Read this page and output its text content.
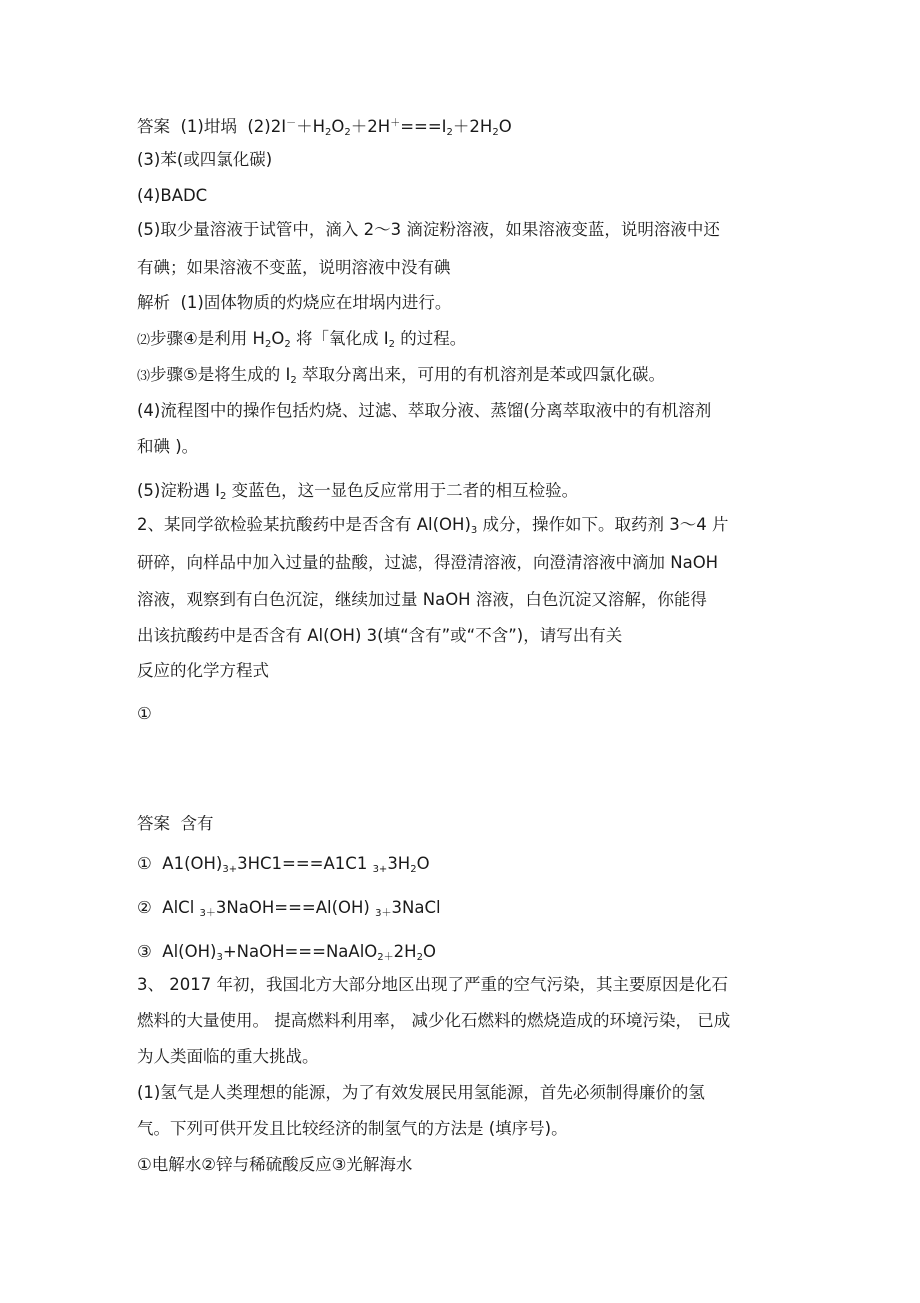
答案 (1)坩埚 $(2)2I^-+H_2O_2+2H^+===I_2+2H_2O$
(3)苯(或四氯化碳)
(4)BADC
(5)取少量溶液于试管中，滴入 2～3 滴淀粉溶液，如果溶液变蓝，说明溶液中还
有碘；如果溶液不变蓝，说明溶液中没有碘
解析 (1)固体物质的灼烧应在坩埚内进行。
⑵步骤④是利用 $H_2O_2$ 将「氧化成 $I_2$ 的过程。
⑶步骤⑤是将生成的 $I_2$ 萃取分离出来，可用的有机溶剂是苯或四氯化碳。
(4)流程图中的操作包括灼烧、过滤、萃取分液、蒸馏(分离萃取液中的有机溶剂
和碘 )。
(5)淀粉遇 $I_2$ 变蓝色，这一显色反应常用于二者的相互检验。
2、某同学欲检验某抗酸药中是否含有 $Al(OH)_3$ 成分，操作如下。取药剂 3～4 片
研碎，向样品中加入过量的盐酸，过滤，得澄清溶液，向澄清溶液中滴加 NaOH
溶液，观察到有白色沉淀，继续加过量 NaOH 溶液，白色沉淀又溶解，你能得
出该抗酸药中是否含有 Al(OH) 3(填“含有”或“不含”)，请写出有关
反应的化学方程式
①
答案 含有
① $A1(OH)_{3+}3HC1===A1C1$ $_{3+}3H_2O$
② AlCl $_{3+}$3NaOH===Al(OH) $_{3+}$3NaCl
③ $Al(OH)_3+NaOH===NaAlO_{2+}2H_2O$
3、 2017 年初，我国北方大部分地区出现了严重的空气污染，其主要原因是化石
燃料的大量使用。 提高燃料利用率， 减少化石燃料的燃烧造成的环境污染， 已成
为人类面临的重大挑战。
(1)氢气是人类理想的能源，为了有效发展民用氢能源，首先必须制得廉价的氢
气。下列可供开发且比较经济的制氢气的方法是 (填序号)。
①电解水②锌与稀硫酸反应③光解海水
